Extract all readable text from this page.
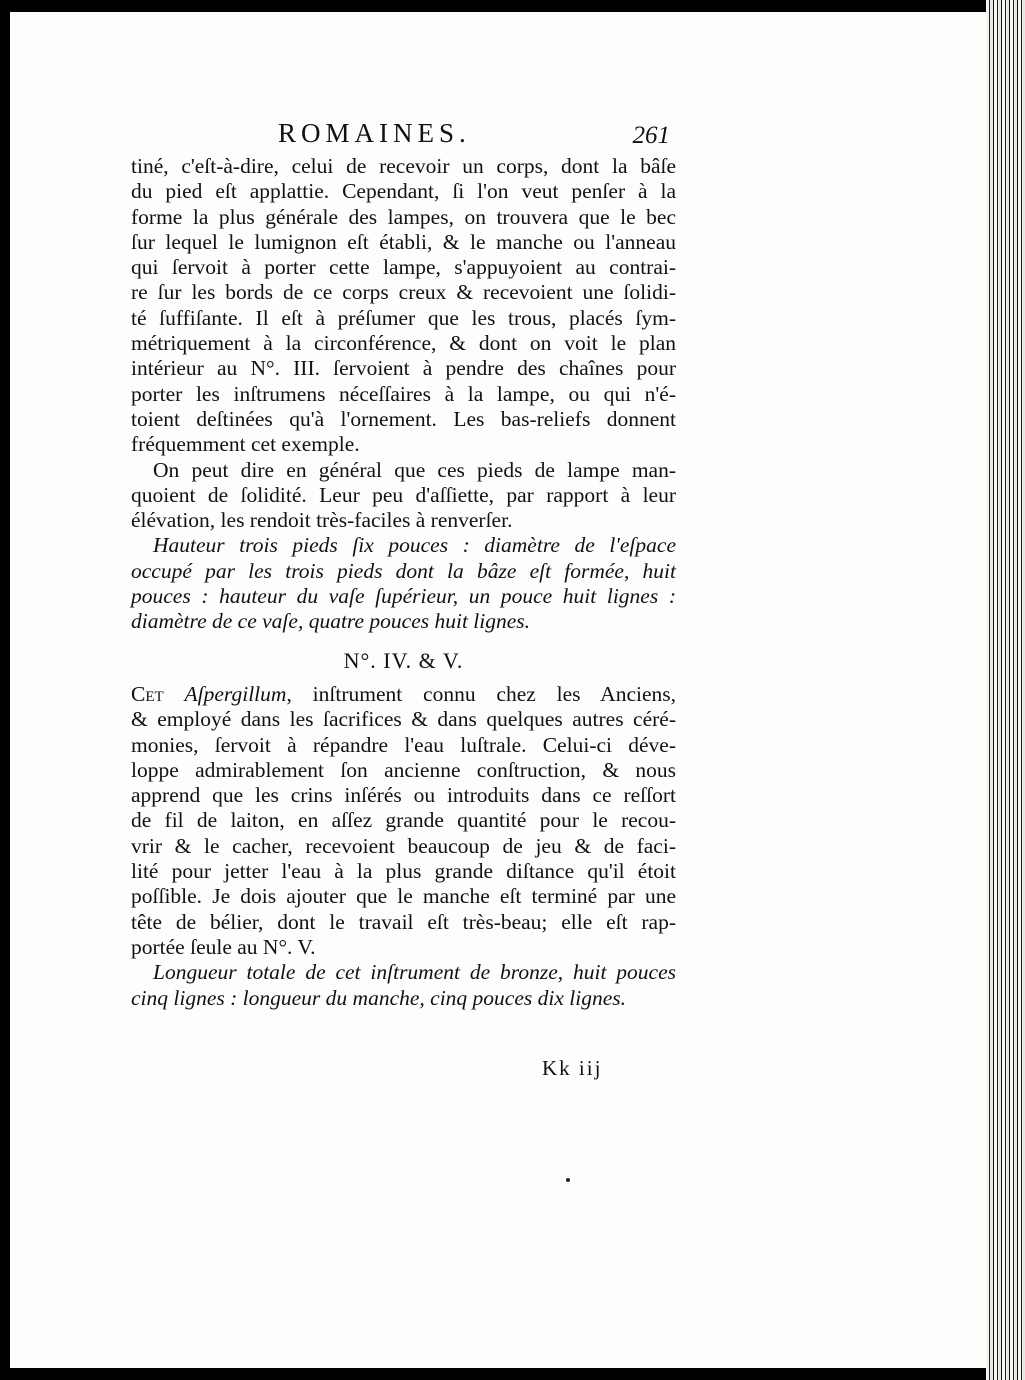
ROMAINES.	261
tiné, c'eſt-à-dire, celui de recevoir un corps, dont la bâſe
du pied eſt applattie. Cependant, ſi l'on veut penſer à la
forme la plus générale des lampes, on trouvera que le bec
ſur lequel le lumignon eſt établi, & le manche ou l'anneau
qui ſervoit à porter cette lampe, s'appuyoient au contrai-
re ſur les bords de ce corps creux & recevoient une ſolidi-
té ſuffiſante. Il eſt à préſumer que les trous, placés ſym-
métriquement à la circonférence, & dont on voit le plan
intérieur au N°. III. ſervoient à pendre des chaînes pour
porter les inſtrumens néceſſaires à la lampe, ou qui n'é-
toient deſtinées qu'à l'ornement. Les bas-reliefs donnent
fréquemment cet exemple.
On peut dire en général que ces pieds de lampe man-
quoient de ſolidité. Leur peu d'aſſiette, par rapport à leur
élévation, les rendoit très-faciles à renverſer.
Hauteur trois pieds ſix pouces : diamètre de l'eſpace
occupé par les trois pieds dont la bâze eſt formée, huit
pouces : hauteur du vaſe ſupérieur, un pouce huit lignes :
diamètre de ce vaſe, quatre pouces huit lignes.
N°. IV. & V.
Cet Aſpergillum, inſtrument connu chez les Anciens,
& employé dans les ſacrifices & dans quelques autres céré-
monies, ſervoit à répandre l'eau luſtrale. Celui-ci déve-
loppe admirablement ſon ancienne conſtruction, & nous
apprend que les crins inſérés ou introduits dans ce reſſort
de fil de laiton, en aſſez grande quantité pour le recou-
vrir & le cacher, recevoient beaucoup de jeu & de faci-
lité pour jetter l'eau à la plus grande diſtance qu'il étoit
poſſible. Je dois ajouter que le manche eſt terminé par une
tête de bélier, dont le travail eſt très-beau; elle eſt rap-
portée ſeule au N°. V.
Longueur totale de cet inſtrument de bronze, huit pouces
cinq lignes : longueur du manche, cinq pouces dix lignes.
Kk iij
